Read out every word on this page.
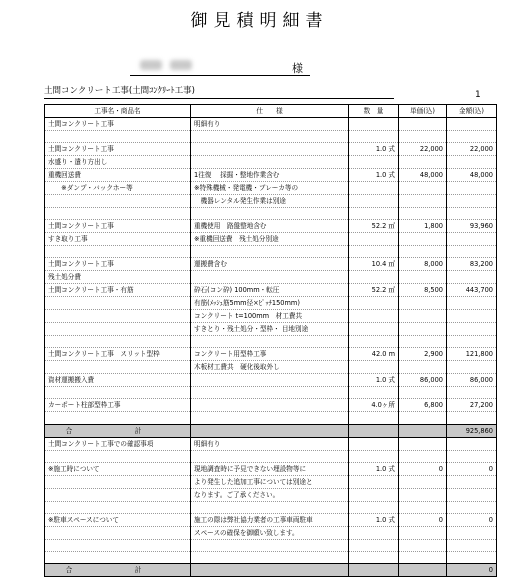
御見積明細書
様
土間コンクリート工事(土間ｺﾝｸﾘｰﾄ工事)	1
工事名・商品名	仕　　様	数　量	単価(込)	金額(込)
土間コンクリート工事	明細有り			

土間コンクリート工事		1.0 式	22,000	22,000
水盛り・遣り方出し				
重機回送費	1往復　 採掘・整地作業含む	1.0 式	48,000	48,000
　　※ダンプ・バックホー等	※特殊機械・発電機・ブレーカ等の			
	　機器レンタル発生作業は別途			

土間コンクリート工事	重機使用　路盤整地含む	52.2 ㎡	1,800	93,960
すき取り工事	※重機回送費　残土処分別途			

土間コンクリート工事	運搬費含む	10.4 ㎡	8,000	83,200
残土処分費				
土間コンクリート工事・有筋	砕石(コン砕) 100mm・転圧	52.2 ㎡	8,500	443,700
	有筋(ﾒｯｼｭ筋5mm径×ﾋﾟｯﾁ150mm)			
	コンクリート t=100mm　材工費共			
	すきとり・残土処分・型枠・ 目地別途			

土間コンクリート工事　スリット型枠	コンクリート用型枠工事	42.0 m	2,900	121,800
	木板材工費共　硬化後取外し			
資材運搬搬入費		1.0 式	86,000	86,000

カーポート柱部型枠工事		4.0ヶ所	6,800	27,200

合　計				925,860
土間コンクリート工事での確認事項	明細有り			

※施工時について	現地調査時に予見できない埋設物等に	1.0 式	0	0
	より発生した追加工事については別途と			
	なります。ご了承ください。			

※駐車スペースについて	施工の際は弊社協力業者の工事車両駐車	1.0 式	0	0
	スペースの確保を御願い致します。			

合　計				0
